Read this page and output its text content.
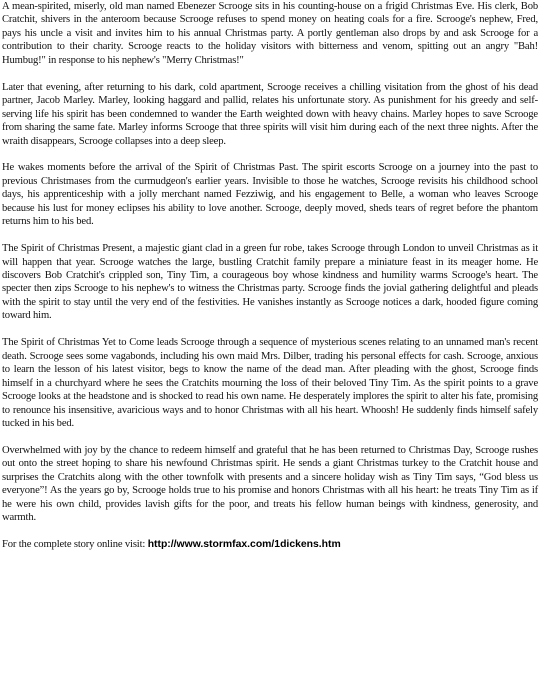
A mean-spirited, miserly, old man named Ebenezer Scrooge sits in his counting-house on a frigid Christmas Eve. His clerk, Bob Cratchit, shivers in the anteroom because Scrooge refuses to spend money on heating coals for a fire. Scrooge's nephew, Fred, pays his uncle a visit and invites him to his annual Christmas party. A portly gentleman also drops by and ask Scrooge for a contribution to their charity. Scrooge reacts to the holiday visitors with bitterness and venom, spitting out an angry "Bah! Humbug!" in response to his nephew's "Merry Christmas!"

Later that evening, after returning to his dark, cold apartment, Scrooge receives a chilling visitation from the ghost of his dead partner, Jacob Marley. Marley, looking haggard and pallid, relates his unfortunate story. As punishment for his greedy and self-serving life his spirit has been condemned to wander the Earth weighted down with heavy chains. Marley hopes to save Scrooge from sharing the same fate. Marley informs Scrooge that three spirits will visit him during each of the next three nights. After the wraith disappears, Scrooge collapses into a deep sleep.

He wakes moments before the arrival of the Spirit of Christmas Past. The spirit escorts Scrooge on a journey into the past to previous Christmases from the curmudgeon's earlier years. Invisible to those he watches, Scrooge revisits his childhood school days, his apprenticeship with a jolly merchant named Fezziwig, and his engagement to Belle, a woman who leaves Scrooge because his lust for money eclipses his ability to love another. Scrooge, deeply moved, sheds tears of regret before the phantom returns him to his bed.

The Spirit of Christmas Present, a majestic giant clad in a green fur robe, takes Scrooge through London to unveil Christmas as it will happen that year. Scrooge watches the large, bustling Cratchit family prepare a miniature feast in its meager home. He discovers Bob Cratchit's crippled son, Tiny Tim, a courageous boy whose kindness and humility warms Scrooge's heart. The specter then zips Scrooge to his nephew's to witness the Christmas party. Scrooge finds the jovial gathering delightful and pleads with the spirit to stay until the very end of the festivities. He vanishes instantly as Scrooge notices a dark, hooded figure coming toward him.

The Spirit of Christmas Yet to Come leads Scrooge through a sequence of mysterious scenes relating to an unnamed man's recent death. Scrooge sees some vagabonds, including his own maid Mrs. Dilber, trading his personal effects for cash. Scrooge, anxious to learn the lesson of his latest visitor, begs to know the name of the dead man. After pleading with the ghost, Scrooge finds himself in a churchyard where he sees the Cratchits mourning the loss of their beloved Tiny Tim. As the spirit points to a grave Scrooge looks at the headstone and is shocked to read his own name. He desperately implores the spirit to alter his fate, promising to renounce his insensitive, avaricious ways and to honor Christmas with all his heart. Whoosh! He suddenly finds himself safely tucked in his bed.

Overwhelmed with joy by the chance to redeem himself and grateful that he has been returned to Christmas Day, Scrooge rushes out onto the street hoping to share his newfound Christmas spirit. He sends a giant Christmas turkey to the Cratchit house and surprises the Cratchits along with the other townfolk with presents and a sincere holiday wish as Tiny Tim says, “God bless us everyone”! As the years go by, Scrooge holds true to his promise and honors Christmas with all his heart: he treats Tiny Tim as if he were his own child, provides lavish gifts for the poor, and treats his fellow human beings with kindness, generosity, and warmth.

For the complete story online visit: http://www.stormfax.com/1dickens.htm
